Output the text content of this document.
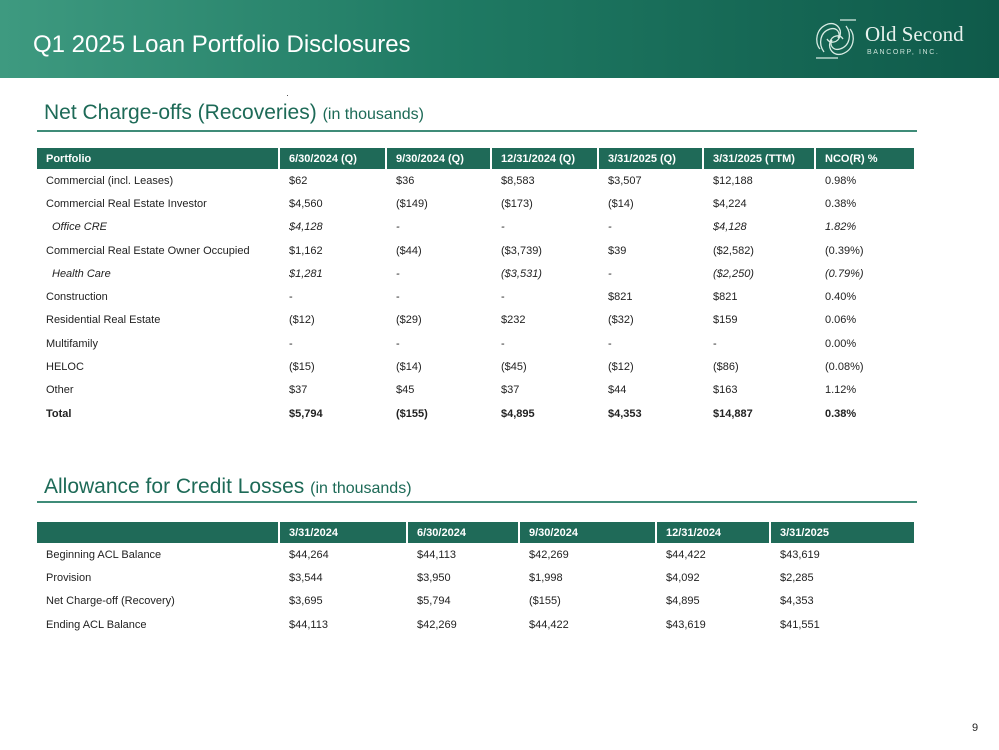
Q1 2025 Loan Portfolio Disclosures	Old Second
BANCORP, INC.
Net Charge-offs (Recoveries) (in thousands)
Portfolio	6/30/2024 (Q)	9/30/2024 (Q)	12/31/2024 (Q)	3/31/2025 (Q)	3/31/2025 (TTM)	NCO(R) %
Commercial (incl. Leases)	$62	$36	$8,583	$3,507	$12,188	0.98%
Commercial Real Estate Investor	$4,560	($149)	($173)	($14)	$4,224	0.38%
Office CRE	$4,128	-	-	-	$4,128	1.82%
Commercial Real Estate Owner Occupied	$1,162	($44)	($3,739)	$39	($2,582)	(0.39%)
Health Care	$1,281	-	($3,531)	-	($2,250)	(0.79%)
Construction	-	-	-	$821	$821	0.40%
Residential Real Estate	($12)	($29)	$232	($32)	$159	0.06%
Multifamily	-	-	-	-	-	0.00%
HELOC	($15)	($14)	($45)	($12)	($86)	(0.08%)
Other	$37	$45	$37	$44	$163	1.12%
Total	$5,794	($155)	$4,895	$4,353	$14,887	0.38%
Allowance for Credit Losses (in thousands)
	3/31/2024	6/30/2024	9/30/2024	12/31/2024	3/31/2025
Beginning ACL Balance	$44,264	$44,113	$42,269	$44,422	$43,619
Provision	$3,544	$3,950	$1,998	$4,092	$2,285
Net Charge-off (Recovery)	$3,695	$5,794	($155)	$4,895	$4,353
Ending ACL Balance	$44,113	$42,269	$44,422	$43,619	$41,551
9
